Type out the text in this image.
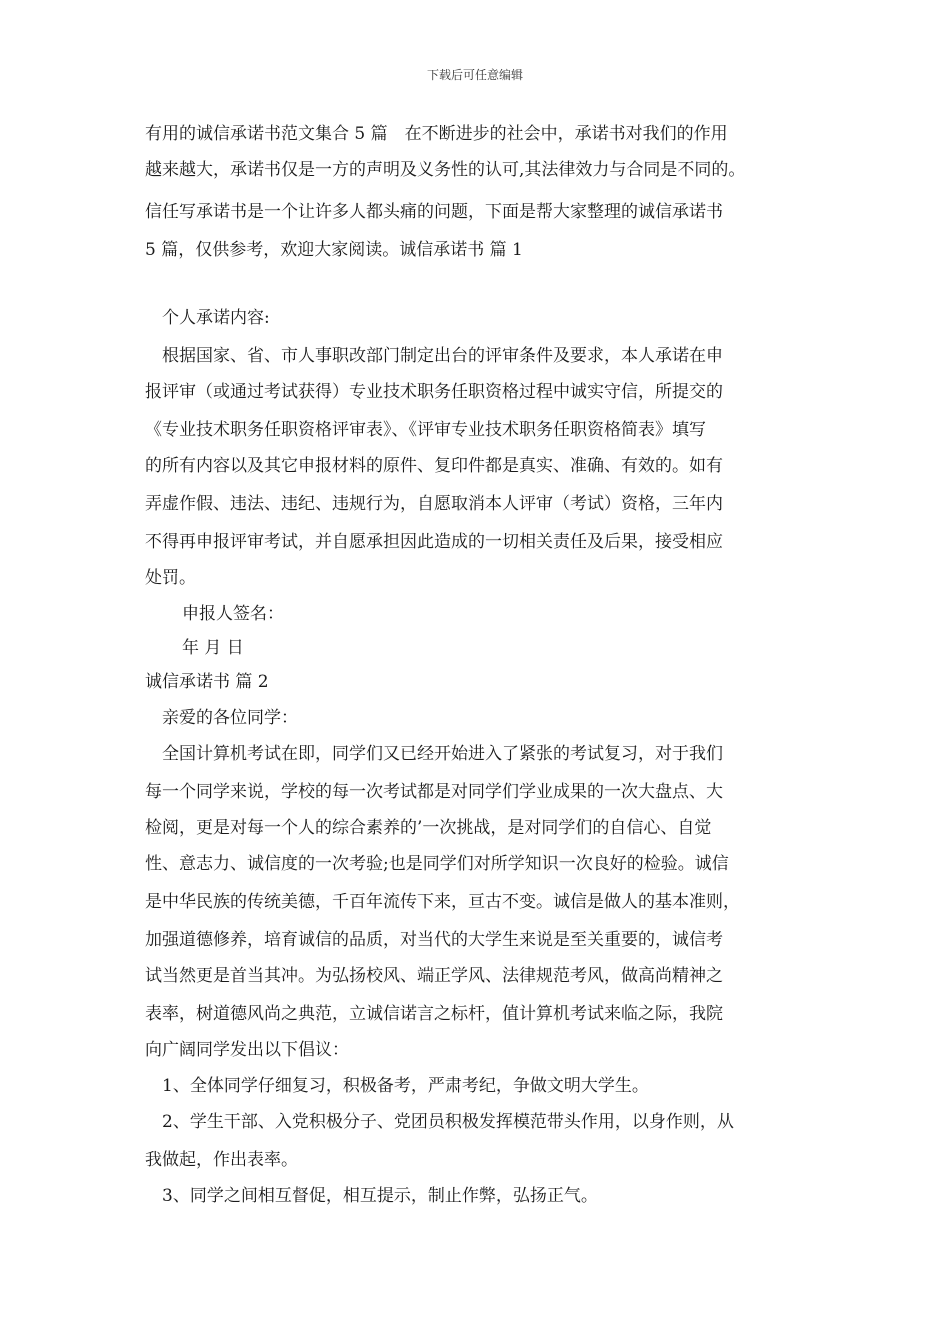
下载后可任意编辑
有用的诚信承诺书范文集合 5 篇　在不断进步的社会中，承诺书对我们的作用
越来越大，承诺书仅是一方的声明及义务性的认可,其法律效力与合同是不同的。
信任写承诺书是一个让许多人都头痛的问题，下面是帮大家整理的诚信承诺书
5 篇，仅供参考，欢迎大家阅读。诚信承诺书 篇 1
个人承诺内容:
根据国家、省、市人事职改部门制定出台的评审条件及要求，本人承诺在申
报评审（或通过考试获得）专业技术职务任职资格过程中诚实守信，所提交的
《专业技术职务任职资格评审表》、《评审专业技术职务任职资格简表》填写
的所有内容以及其它申报材料的原件、复印件都是真实、准确、有效的。如有
弄虚作假、违法、违纪、违规行为，自愿取消本人评审（考试）资格，三年内
不得再申报评审考试，并自愿承担因此造成的一切相关责任及后果，接受相应
处罚。
申报人签名：
年 月 日
诚信承诺书 篇 2
亲爱的各位同学：
全国计算机考试在即，同学们又已经开始进入了紧张的考试复习，对于我们
每一个同学来说，学校的每一次考试都是对同学们学业成果的一次大盘点、大
检阅，更是对每一个人的综合素养的’一次挑战，是对同学们的自信心、自觉
性、意志力、诚信度的一次考验;也是同学们对所学知识一次良好的检验。诚信
是中华民族的传统美德，千百年流传下来，亘古不变。诚信是做人的基本准则，
加强道德修养，培育诚信的品质，对当代的大学生来说是至关重要的，诚信考
试当然更是首当其冲。为弘扬校风、端正学风、法律规范考风，做高尚精神之
表率，树道德风尚之典范，立诚信诺言之标杆，值计算机考试来临之际，我院
向广阔同学发出以下倡议：
1、全体同学仔细复习，积极备考，严肃考纪，争做文明大学生。
2、学生干部、入党积极分子、党团员积极发挥模范带头作用，以身作则，从
我做起，作出表率。
3、同学之间相互督促，相互提示，制止作弊，弘扬正气。
